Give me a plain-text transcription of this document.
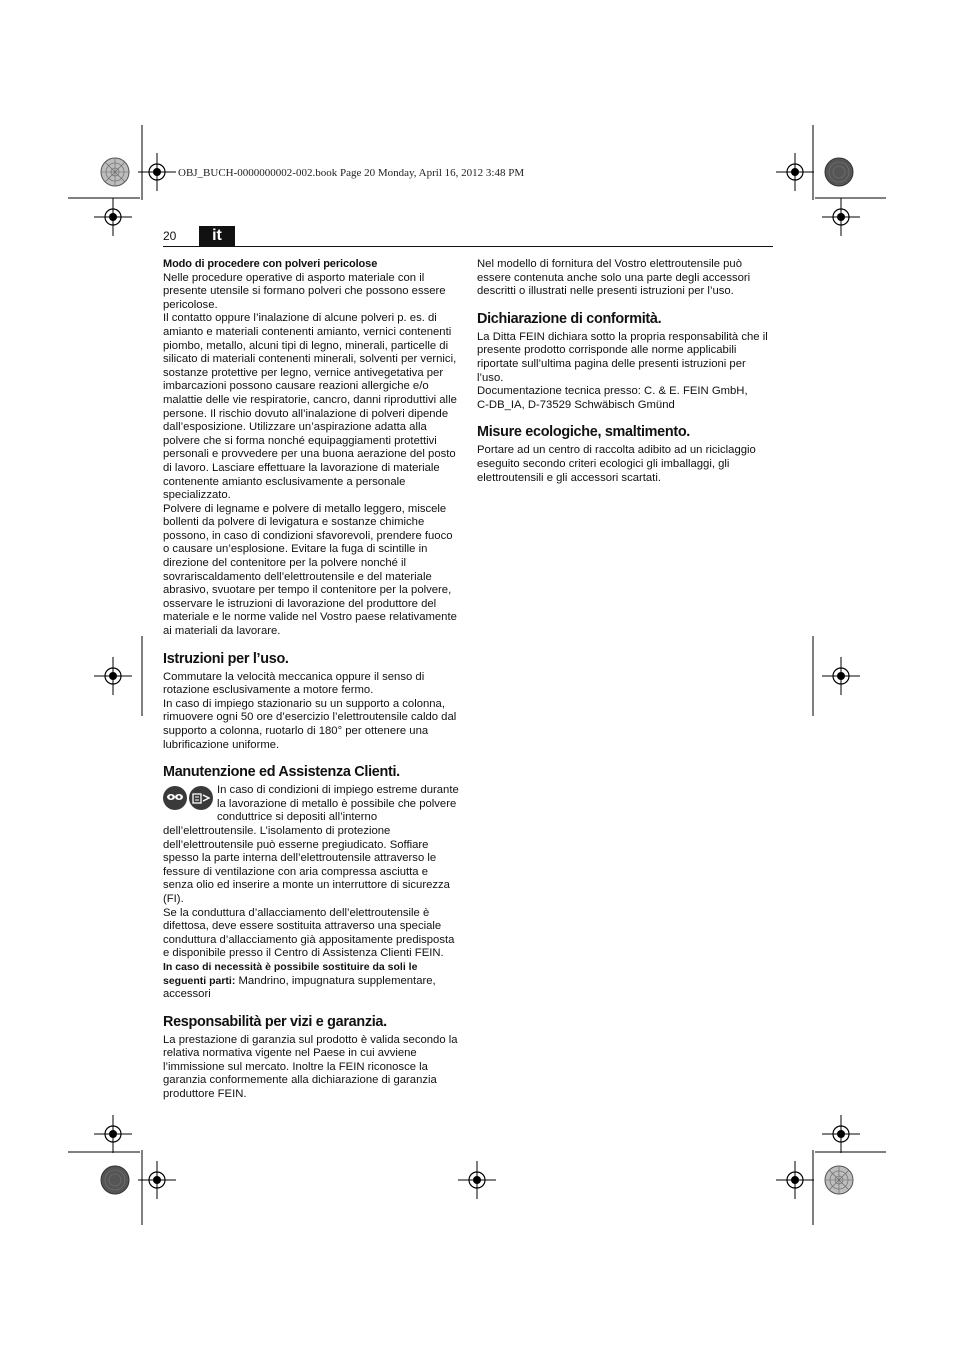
OBJ_BUCH-0000000002-002.book Page 20 Monday, April 16, 2012 3:48 PM
20	it

Modo di procedere con polveri pericolose

Nelle procedure operative di asporto materiale con il presente utensile si formano polveri che possono essere pericolose.

Il contatto oppure l’inalazione di alcune polveri p. es. di amianto e materiali contenenti amianto, vernici contenenti piombo, metallo, alcuni tipi di legno, minerali, particelle di silicato di materiali contenenti minerali, solventi per vernici, sostanze protettive per legno, vernice antivegetativa per imbarcazioni possono causare reazioni allergiche e/o malattie delle vie respiratorie, cancro, danni riproduttivi alle persone. Il rischio dovuto all’inalazione di polveri dipende dall’esposizione. Utilizzare un’aspirazione adatta alla polvere che si forma nonché equipaggiamenti protettivi personali e provvedere per una buona aerazione del posto di lavoro. Lasciare effettuare la lavorazione di materiale contenente amianto esclusivamente a personale specializzato.

Polvere di legname e polvere di metallo leggero, miscele bollenti da polvere di levigatura e sostanze chimiche possono, in caso di condizioni sfavorevoli, prendere fuoco o causare un’esplosione. Evitare la fuga di scintille in direzione del contenitore per la polvere nonché il sovrariscaldamento dell’elettroutensile e del materiale abrasivo, svuotare per tempo il contenitore per la polvere, osservare le istruzioni di lavorazione del produttore del materiale e le norme valide nel Vostro paese relativamente ai materiali da lavorare.

Istruzioni per l’uso.

Commutare la velocità meccanica oppure il senso di rotazione esclusivamente a motore fermo.

In caso di impiego stazionario su un supporto a colonna, rimuovere ogni 50 ore d’esercizio l’elettroutensile caldo dal supporto a colonna, ruotarlo di 180° per ottenere una lubrificazione uniforme.

Manutenzione ed Assistenza Clienti.

In caso di condizioni di impiego estreme durante la lavorazione di metallo è possibile che polvere conduttrice si depositi all’interno dell’elettroutensile. L’isolamento di protezione dell’elettroutensile può esserne pregiudicato. Soffiare spesso la parte interna dell’elettroutensile attraverso le fessure di ventilazione con aria compressa asciutta e senza olio ed inserire a monte un interruttore di sicurezza (FI).

Se la conduttura d’allacciamento dell’elettroutensile è difettosa, deve essere sostituita attraverso una speciale conduttura d’allacciamento già appositamente predisposta e disponibile presso il Centro di Assistenza Clienti FEIN.

In caso di necessità è possibile sostituire da soli le seguenti parti: Mandrino, impugnatura supplementare, accessori

Responsabilità per vizi e garanzia.

La prestazione di garanzia sul prodotto è valida secondo la relativa normativa vigente nel Paese in cui avviene l’immissione sul mercato. Inoltre la FEIN riconosce la garanzia conformemente alla dichiarazione di garanzia produttore FEIN.

Nel modello di fornitura del Vostro elettroutensile può essere contenuta anche solo una parte degli accessori descritti o illustrati nelle presenti istruzioni per l’uso.

Dichiarazione di conformità.

La Ditta FEIN dichiara sotto la propria responsabilità che il presente prodotto corrisponde alle norme applicabili riportate sull’ultima pagina delle presenti istruzioni per l’uso.

Documentazione tecnica presso: C. & E. FEIN GmbH,

C-DB_IA, D-73529 Schwäbisch Gmünd

Misure ecologiche, smaltimento.

Portare ad un centro di raccolta adibito ad un riciclaggio eseguito secondo criteri ecologici gli imballaggi, gli elettroutensili e gli accessori scartati.
